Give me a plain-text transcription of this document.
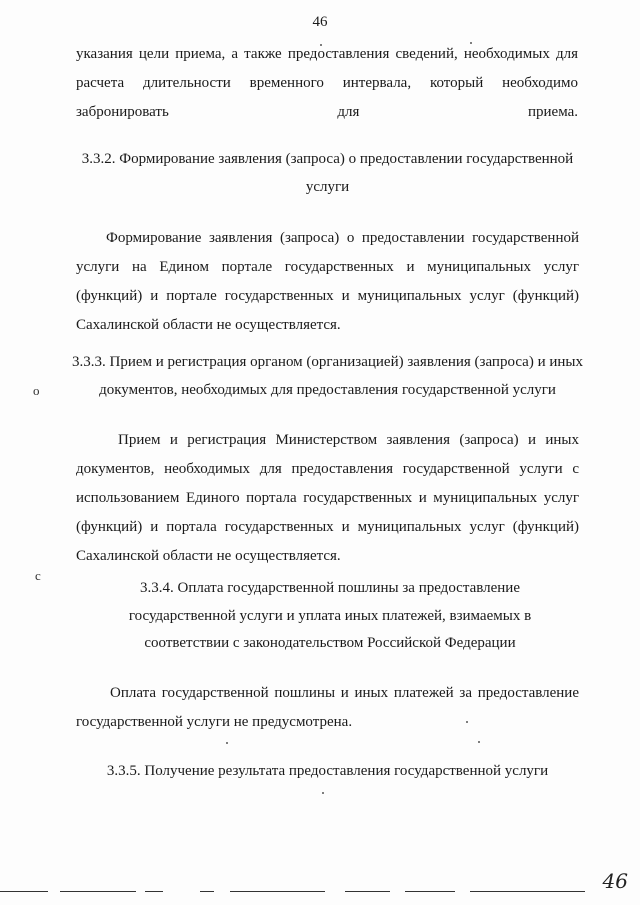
46

указания цели приема, а также предоставления сведений, необходимых для расчета длительности временного интервала, который необходимо забронировать для приема.

3.3.2. Формирование заявления (запроса) о предоставлении государственной услуги

Формирование заявления (запроса) о предоставлении государственной услуги на Едином портале государственных и муниципальных услуг (функций) и портале государственных и муниципальных услуг (функций) Сахалинской области не осуществляется.

3.3.3. Прием и регистрация органом (организацией) заявления (запроса) и иных документов, необходимых для предоставления государственной услуги

Прием и регистрация Министерством заявления (запроса) и иных документов, необходимых для предоставления государственной услуги с использованием Единого портала государственных и муниципальных услуг (функций) и портала государственных и муниципальных услуг (функций) Сахалинской области не осуществляется.

3.3.4. Оплата государственной пошлины за предоставление государственной услуги и уплата иных платежей, взимаемых в соответствии с законодательством Российской Федерации

Оплата государственной пошлины и иных платежей за предоставление государственной услуги не предусмотрена.

3.3.5. Получение результата предоставления государственной услуги

o
c
46
